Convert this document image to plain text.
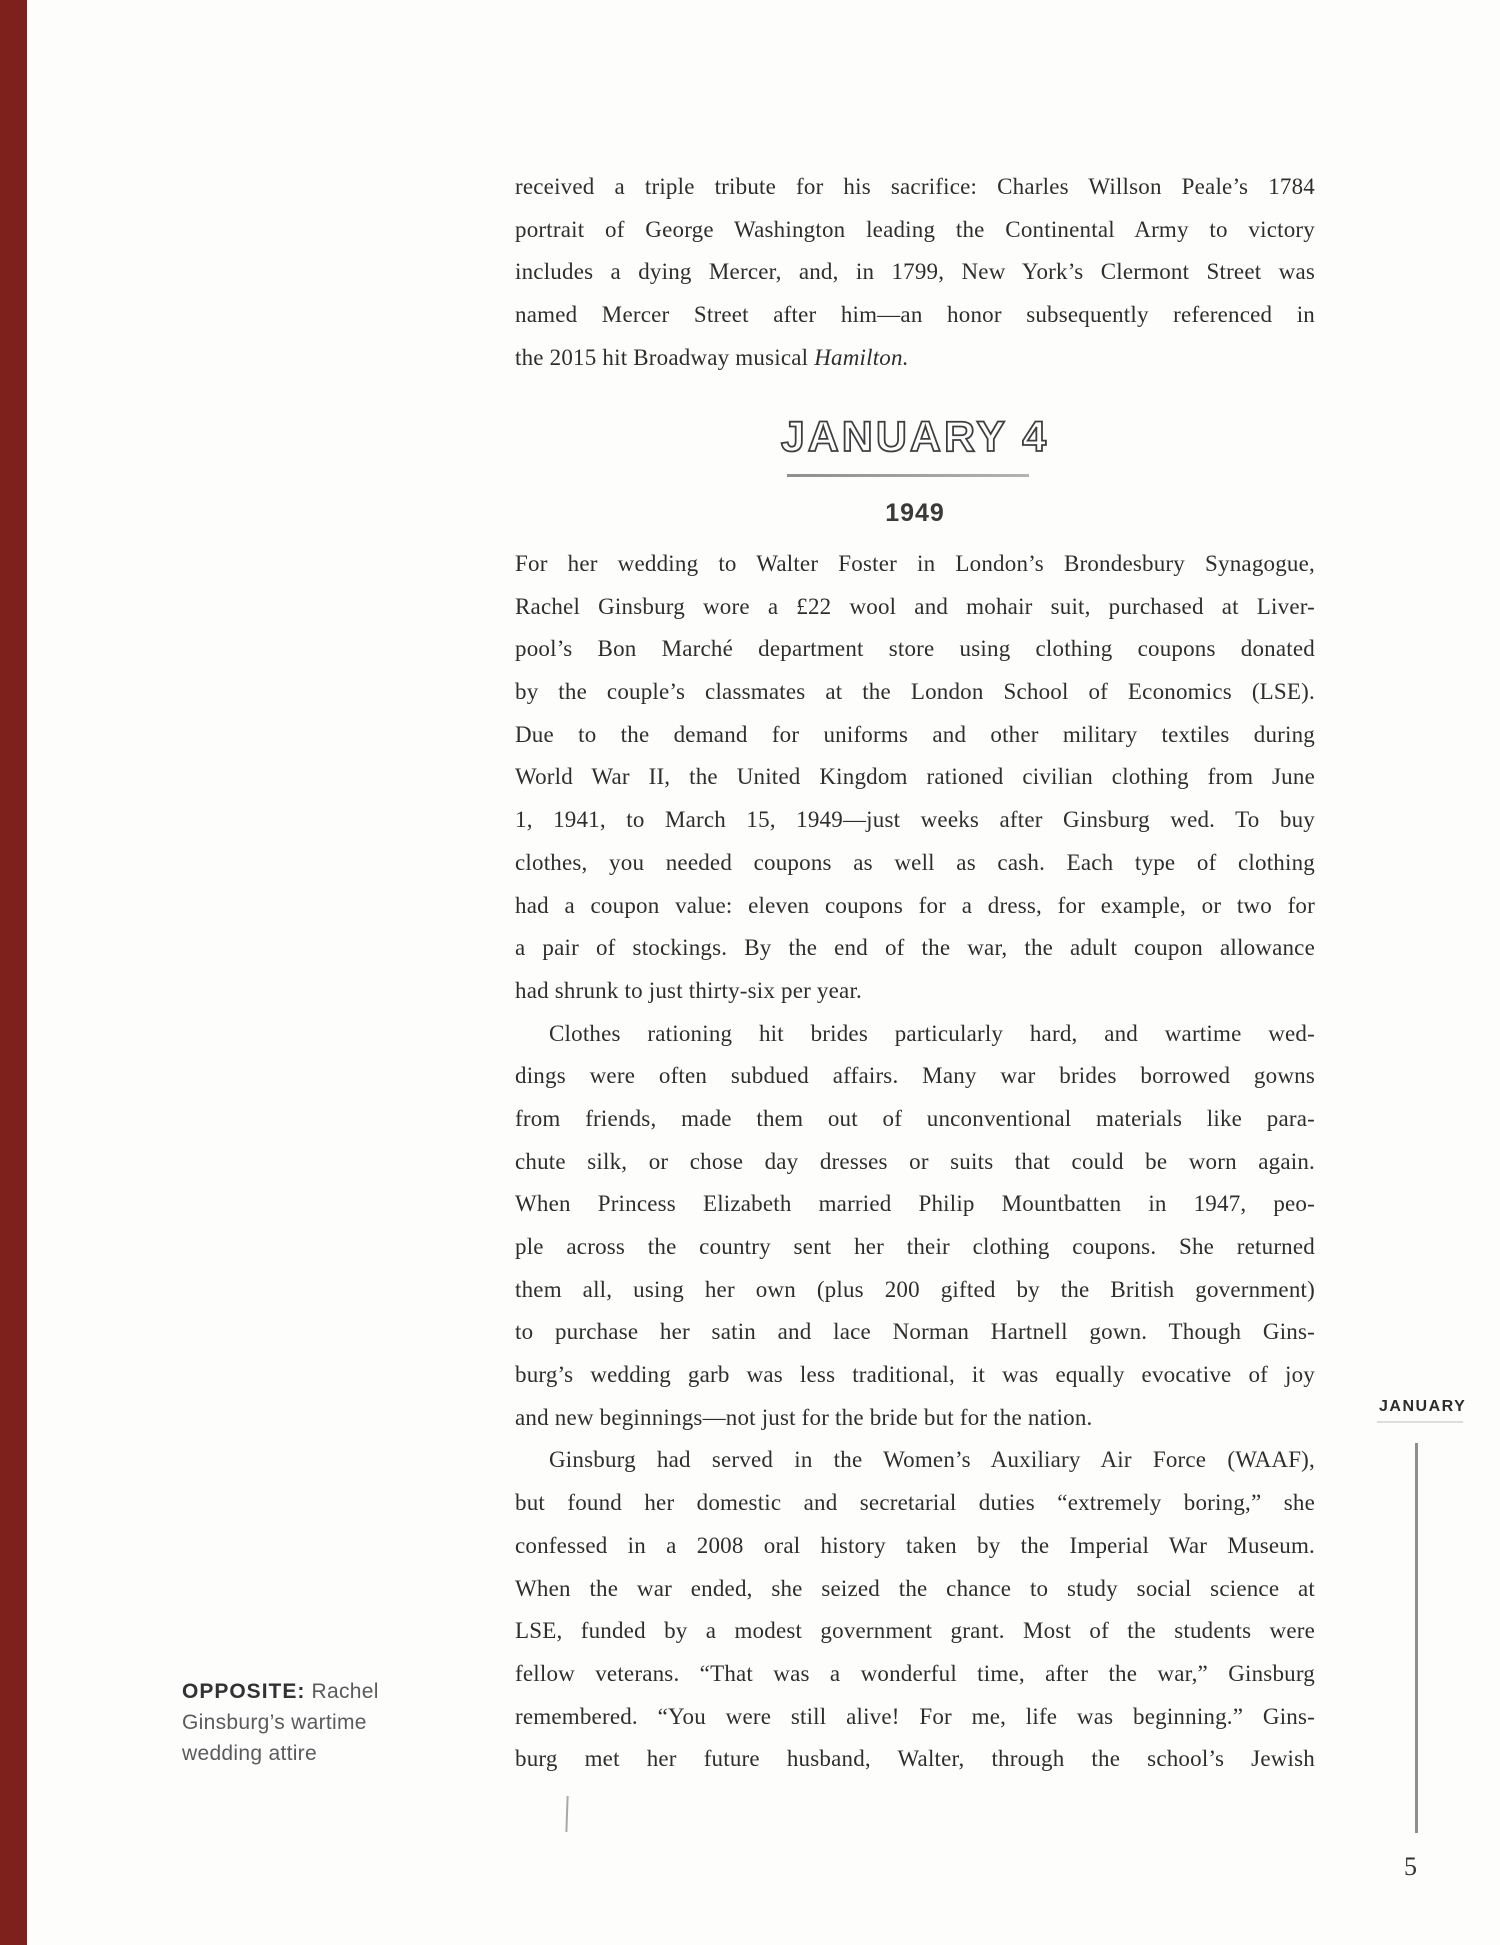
received a triple tribute for his sacrifice: Charles Willson Peale’s 1784
portrait of George Washington leading the Continental Army to victory
includes a dying Mercer, and, in 1799, New York’s Clermont Street was
named Mercer Street after him—an honor subsequently referenced in
the 2015 hit Broadway musical Hamilton.
JANUARY 4
1949
For her wedding to Walter Foster in London’s Brondesbury Synagogue,
Rachel Ginsburg wore a £22 wool and mohair suit, purchased at Liver-
pool’s Bon Marché department store using clothing coupons donated
by the couple’s classmates at the London School of Economics (LSE).
Due to the demand for uniforms and other military textiles during
World War II, the United Kingdom rationed civilian clothing from June
1, 1941, to March 15, 1949—just weeks after Ginsburg wed. To buy
clothes, you needed coupons as well as cash. Each type of clothing
had a coupon value: eleven coupons for a dress, for example, or two for
a pair of stockings. By the end of the war, the adult coupon allowance
had shrunk to just thirty-six per year.
Clothes rationing hit brides particularly hard, and wartime wed-
dings were often subdued affairs. Many war brides borrowed gowns
from friends, made them out of unconventional materials like para-
chute silk, or chose day dresses or suits that could be worn again.
When Princess Elizabeth married Philip Mountbatten in 1947, peo-
ple across the country sent her their clothing coupons. She returned
them all, using her own (plus 200 gifted by the British government)
to purchase her satin and lace Norman Hartnell gown. Though Gins-
burg’s wedding garb was less traditional, it was equally evocative of joy
and new beginnings—not just for the bride but for the nation.
Ginsburg had served in the Women’s Auxiliary Air Force (WAAF),
but found her domestic and secretarial duties “extremely boring,” she
confessed in a 2008 oral history taken by the Imperial War Museum.
When the war ended, she seized the chance to study social science at
LSE, funded by a modest government grant. Most of the students were
fellow veterans. “That was a wonderful time, after the war,” Ginsburg
remembered. “You were still alive! For me, life was beginning.” Gins-
burg met her future husband, Walter, through the school’s Jewish
OPPOSITE: Rachel
Ginsburg’s wartime
wedding attire
JANUARY
5
